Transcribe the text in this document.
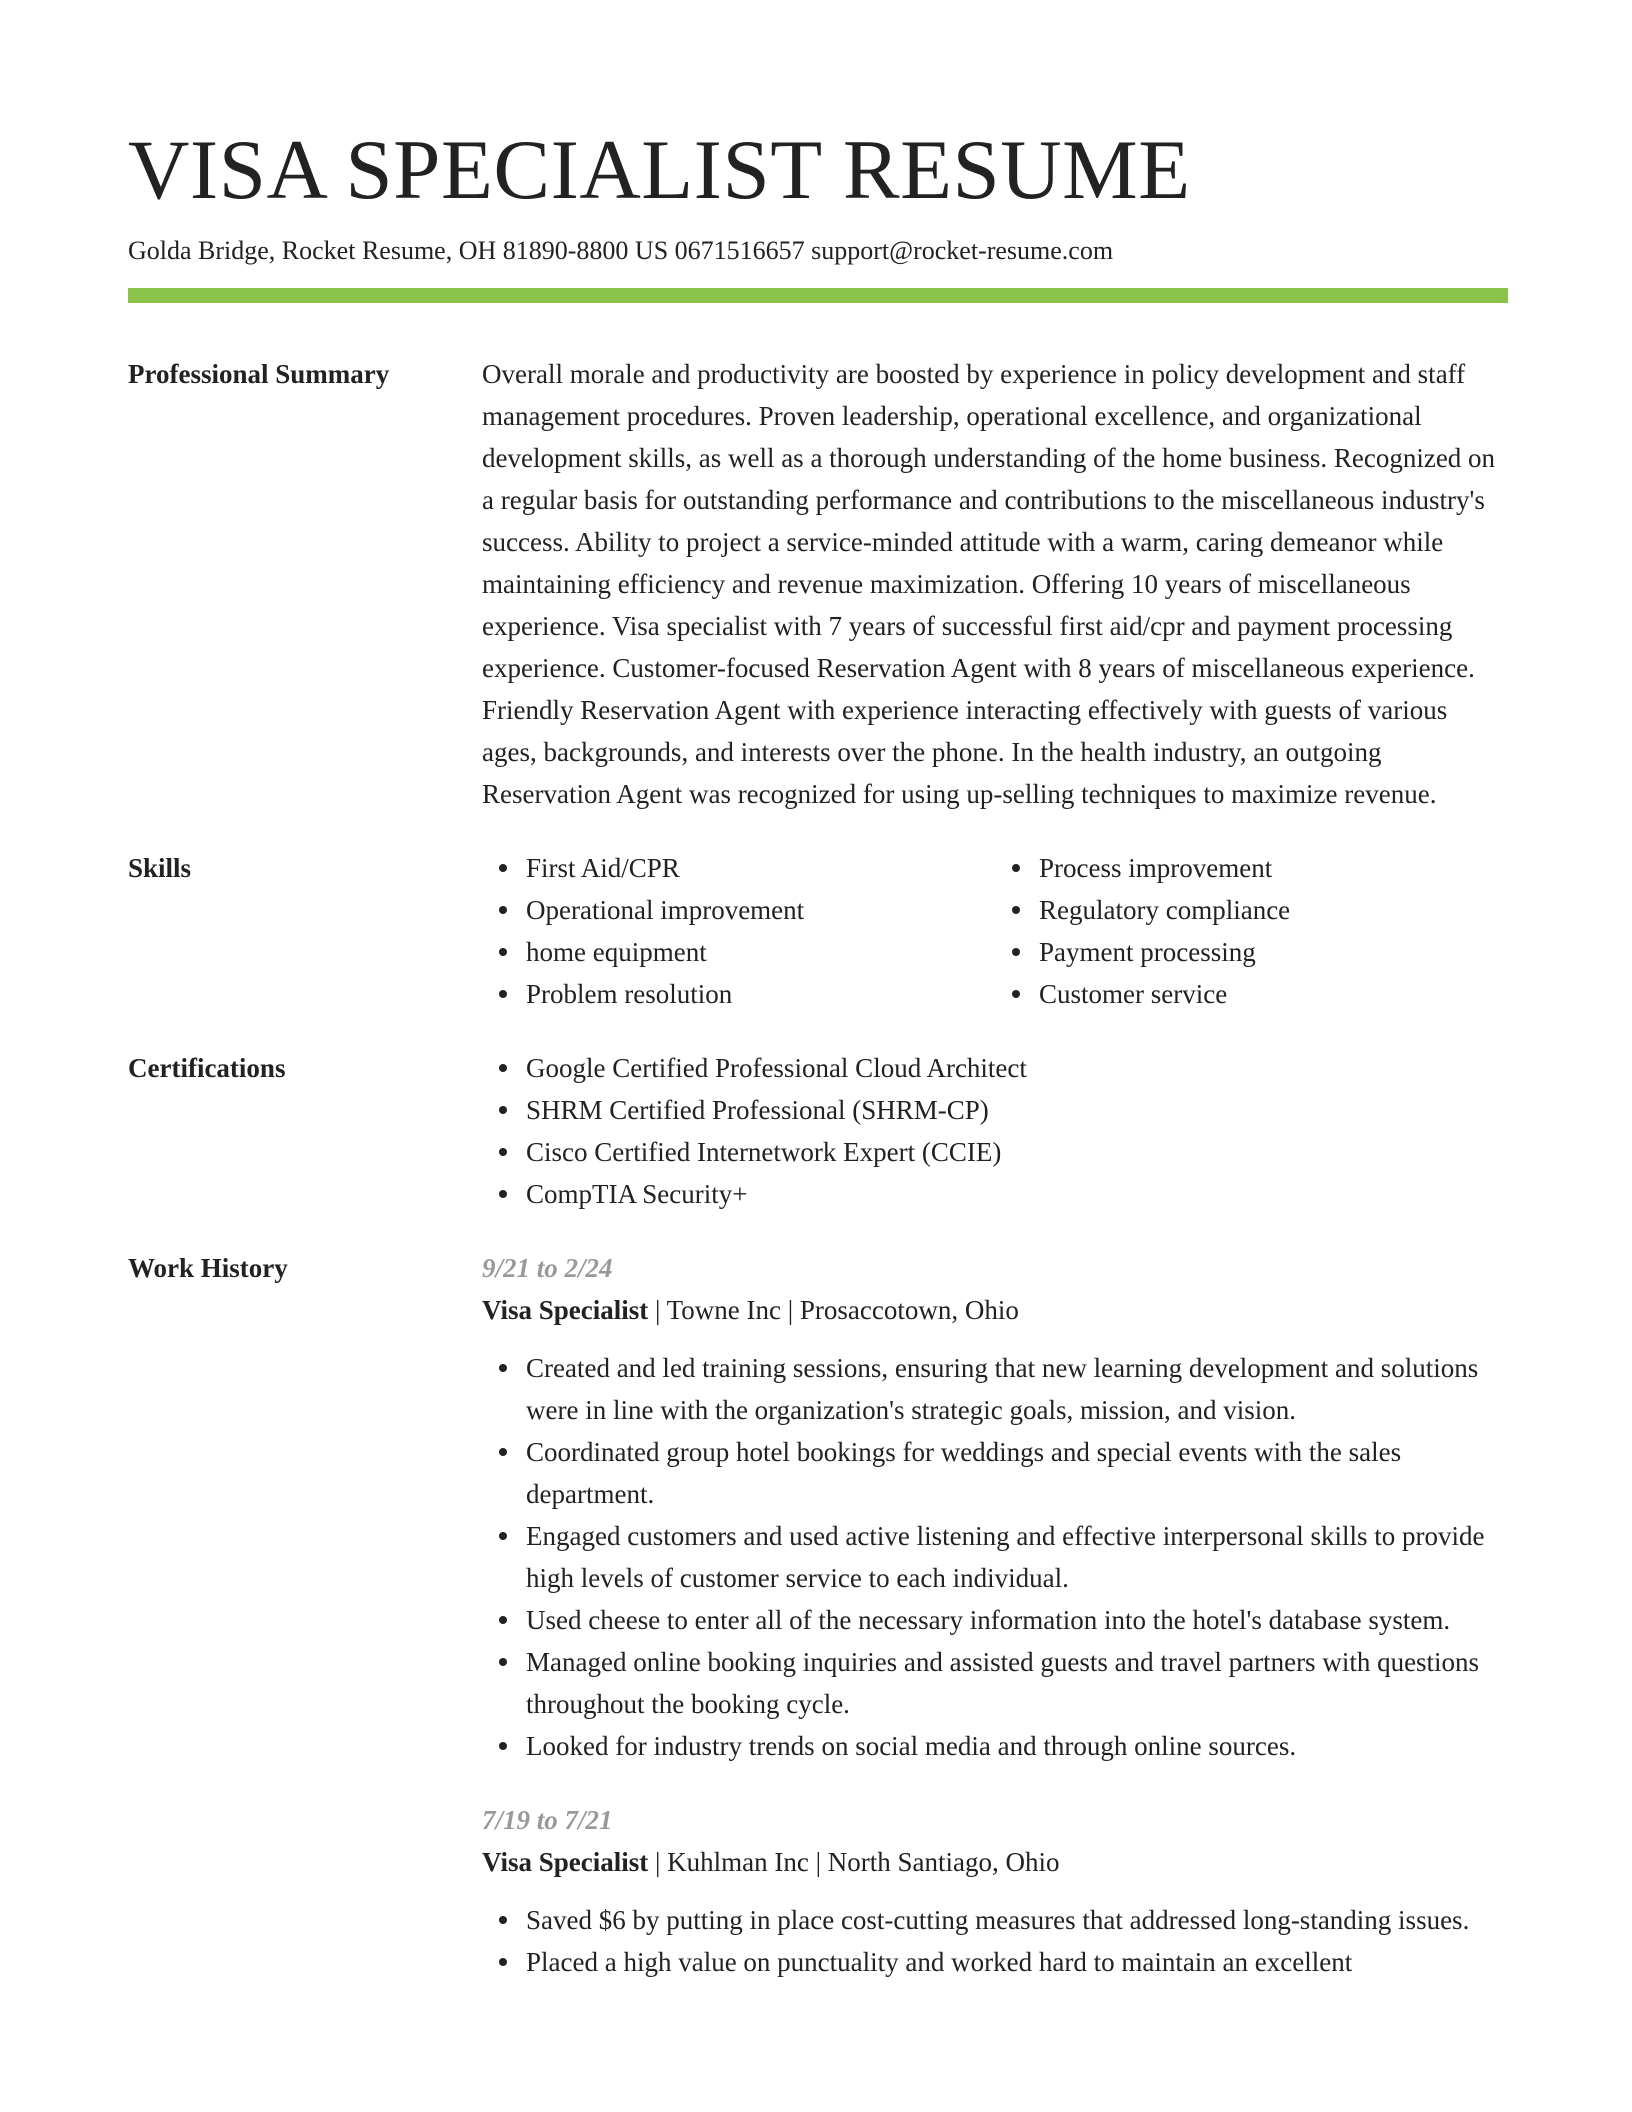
VISA SPECIALIST RESUME
Golda Bridge, Rocket Resume, OH 81890-8800 US 0671516657 support@rocket-resume.com
Professional Summary	Overall morale and productivity are boosted by experience in policy development and staff management procedures. Proven leadership, operational excellence, and organizational development skills, as well as a thorough understanding of the home business. Recognized on a regular basis for outstanding performance and contributions to the miscellaneous industry's success. Ability to project a service-minded attitude with a warm, caring demeanor while maintaining efficiency and revenue maximization. Offering 10 years of miscellaneous experience. Visa specialist with 7 years of successful first aid/cpr and payment processing experience. Customer-focused Reservation Agent with 8 years of miscellaneous experience. Friendly Reservation Agent with experience interacting effectively with guests of various ages, backgrounds, and interests over the phone. In the health industry, an outgoing Reservation Agent was recognized for using up-selling techniques to maximize revenue.

Skills	First Aid/CPR
Operational improvement
home equipment
Problem resolution
Process improvement
Regulatory compliance
Payment processing
Customer service
Certifications	Google Certified Professional Cloud Architect
SHRM Certified Professional (SHRM-CP)
Cisco Certified Internetwork Expert (CCIE)
CompTIA Security+
Work History	9/21 to 2/24
Visa Specialist | Towne Inc | Prosaccotown, Ohio
Created and led training sessions, ensuring that new learning development and solutions were in line with the organization's strategic goals, mission, and vision.
Coordinated group hotel bookings for weddings and special events with the sales department.
Engaged customers and used active listening and effective interpersonal skills to provide high levels of customer service to each individual.
Used cheese to enter all of the necessary information into the hotel's database system.
Managed online booking inquiries and assisted guests and travel partners with questions throughout the booking cycle.
Looked for industry trends on social media and through online sources.
7/19 to 7/21
Visa Specialist | Kuhlman Inc | North Santiago, Ohio
Saved $6 by putting in place cost-cutting measures that addressed long-standing issues.
Placed a high value on punctuality and worked hard to maintain an excellent
